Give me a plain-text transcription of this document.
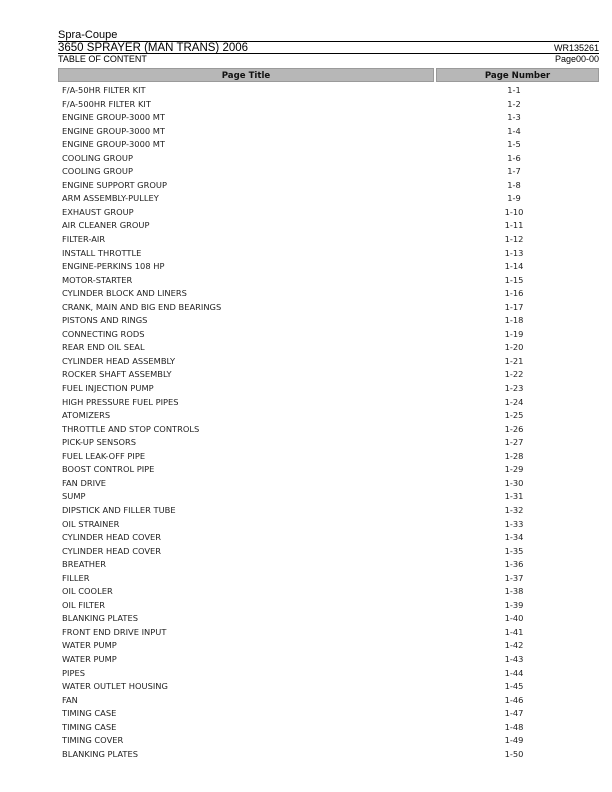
Spra-Coupe
3650 SPRAYER (MAN TRANS) 2006	WR135261
TABLE OF CONTENT	Page00-00
Page Title	Page Number
F/A-50HR FILTER KIT	1-1
F/A-500HR FILTER KIT	1-2
ENGINE GROUP-3000 MT	1-3
ENGINE GROUP-3000 MT	1-4
ENGINE GROUP-3000 MT	1-5
COOLING GROUP	1-6
COOLING GROUP	1-7
ENGINE SUPPORT GROUP	1-8
ARM ASSEMBLY-PULLEY	1-9
EXHAUST GROUP	1-10
AIR CLEANER GROUP	1-11
FILTER-AIR	1-12
INSTALL THROTTLE	1-13
ENGINE-PERKINS 108 HP	1-14
MOTOR-STARTER	1-15
CYLINDER BLOCK AND LINERS	1-16
CRANK, MAIN AND BIG END BEARINGS	1-17
PISTONS AND RINGS	1-18
CONNECTING RODS	1-19
REAR END OIL SEAL	1-20
CYLINDER HEAD ASSEMBLY	1-21
ROCKER SHAFT ASSEMBLY	1-22
FUEL INJECTION PUMP	1-23
HIGH PRESSURE FUEL PIPES	1-24
ATOMIZERS	1-25
THROTTLE AND STOP CONTROLS	1-26
PICK-UP SENSORS	1-27
FUEL LEAK-OFF PIPE	1-28
BOOST CONTROL PIPE	1-29
FAN DRIVE	1-30
SUMP	1-31
DIPSTICK AND FILLER TUBE	1-32
OIL STRAINER	1-33
CYLINDER HEAD COVER	1-34
CYLINDER HEAD COVER	1-35
BREATHER	1-36
FILLER	1-37
OIL COOLER	1-38
OIL FILTER	1-39
BLANKING PLATES	1-40
FRONT END DRIVE INPUT	1-41
WATER PUMP	1-42
WATER PUMP	1-43
PIPES	1-44
WATER OUTLET HOUSING	1-45
FAN	1-46
TIMING CASE	1-47
TIMING CASE	1-48
TIMING COVER	1-49
BLANKING PLATES	1-50
